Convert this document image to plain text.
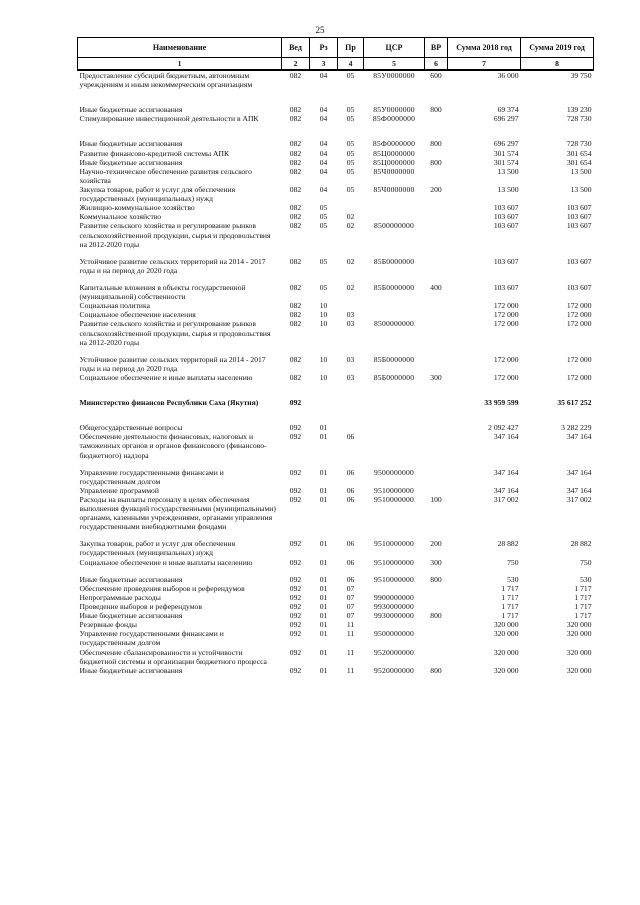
25
Наименование	Вед	Рз	Пр	ЦСР	ВР	Сумма 2018 год	Сумма 2019 год
1	2	3	4	5	6	7	8
Предоставление субсидий бюджетным, автономным учреждениям и иным некоммерческим организациям	082	04	05	85У0000000	600	36 000	39 750

Иные бюджетные ассигнования	082	04	05	85У0000000	800	69 374	139 230
Стимулирование инвестиционной деятельности в АПК	082	04	05	85Ф0000000		696 297	728 730

Иные бюджетные ассигнования	082	04	05	85Ф0000000	800	696 297	728 730
Развитие финансово-кредитной системы АПК	082	04	05	85Ц0000000		301 574	301 654
Иные бюджетные ассигнования	082	04	05	85Ц0000000	800	301 574	301 654
Научно-техническое обеспечение развития сельского хозяйства	082	04	05	85Ч0000000		13 500	13 500
Закупка товаров, работ и услуг для обеспечения государственных (муниципальных) нужд	082	04	05	85Ч0000000	200	13 500	13 500
Жилищно-коммунальное хозяйство	082	05				103 607	103 607
Коммунальное хозяйство	082	05	02			103 607	103 607
Развитие сельского хозяйства и регулирование рынков сельскохозяйственной продукции, сырья и продовольствия на 2012-2020 годы	082	05	02	8500000000		103 607	103 607

Устойчивое развитие сельских территорий на 2014 - 2017 годы и на период до 2020 года	082	05	02	85Б0000000		103 607	103 607

Капитальные вложения в объекты государственной (муниципальной) собственности	082	05	02	85Б0000000	400	103 607	103 607
Социальная политика	082	10				172 000	172 000
Социальное обеспечение населения	082	10	03			172 000	172 000
Развитие сельского хозяйства и регулирование рынков сельскохозяйственной продукции, сырья и продовольствия на 2012-2020 годы	082	10	03	8500000000		172 000	172 000

Устойчивое развитие сельских территорий на 2014 - 2017 годы и на период до 2020 года	082	10	03	85Б0000000		172 000	172 000
Социальное обеспечение и иные выплаты населению	082	10	03	85Б0000000	300	172 000	172 000

Министерство финансов Республики Саха (Якутия)	092					33 959 599	35 617 252

Общегосударственные вопросы	092	01				2 092 427	3 282 229
Обеспечение деятельности финансовых, налоговых и таможенных органов и органов финансового (финансово-бюджетного) надзора	092	01	06			347 164	347 164

Управление государственными финансами и государственным долгом	092	01	06	9500000000		347 164	347 164
Управление программой	092	01	06	9510000000		347 164	347 164
Расходы на выплаты персоналу в целях обеспечения выполнения функций государственными (муниципальными) органами, казенными учреждениями, органами управления государственными внебюджетными фондами	092	01	06	9510000000	100	317 002	317 002

Закупка товаров, работ и услуг для обеспечения государственных (муниципальных) нужд	092	01	06	9510000000	200	28 882	28 882
Социальное обеспечение и иные выплаты населению	092	01	06	9510000000	300	750	750

Иные бюджетные ассигнования	092	01	06	9510000000	800	530	530
Обеспечение проведения выборов и референдумов	092	01	07			1 717	1 717
Непрограммные расходы	092	01	07	9900000000		1 717	1 717
Проведение выборов и референдумов	092	01	07	9930000000		1 717	1 717
Иные бюджетные ассигнования	092	01	07	9930000000	800	1 717	1 717
Резервные фонды	092	01	11			320 000	320 000
Управление государственными финансами и государственным долгом	092	01	11	9500000000		320 000	320 000
Обеспечение сбалансированности и устойчивости бюджетной системы и организации бюджетного процесса	092	01	11	9520000000		320 000	320 000
Иные бюджетные ассигнования	092	01	11	9520000000	800	320 000	320 000
